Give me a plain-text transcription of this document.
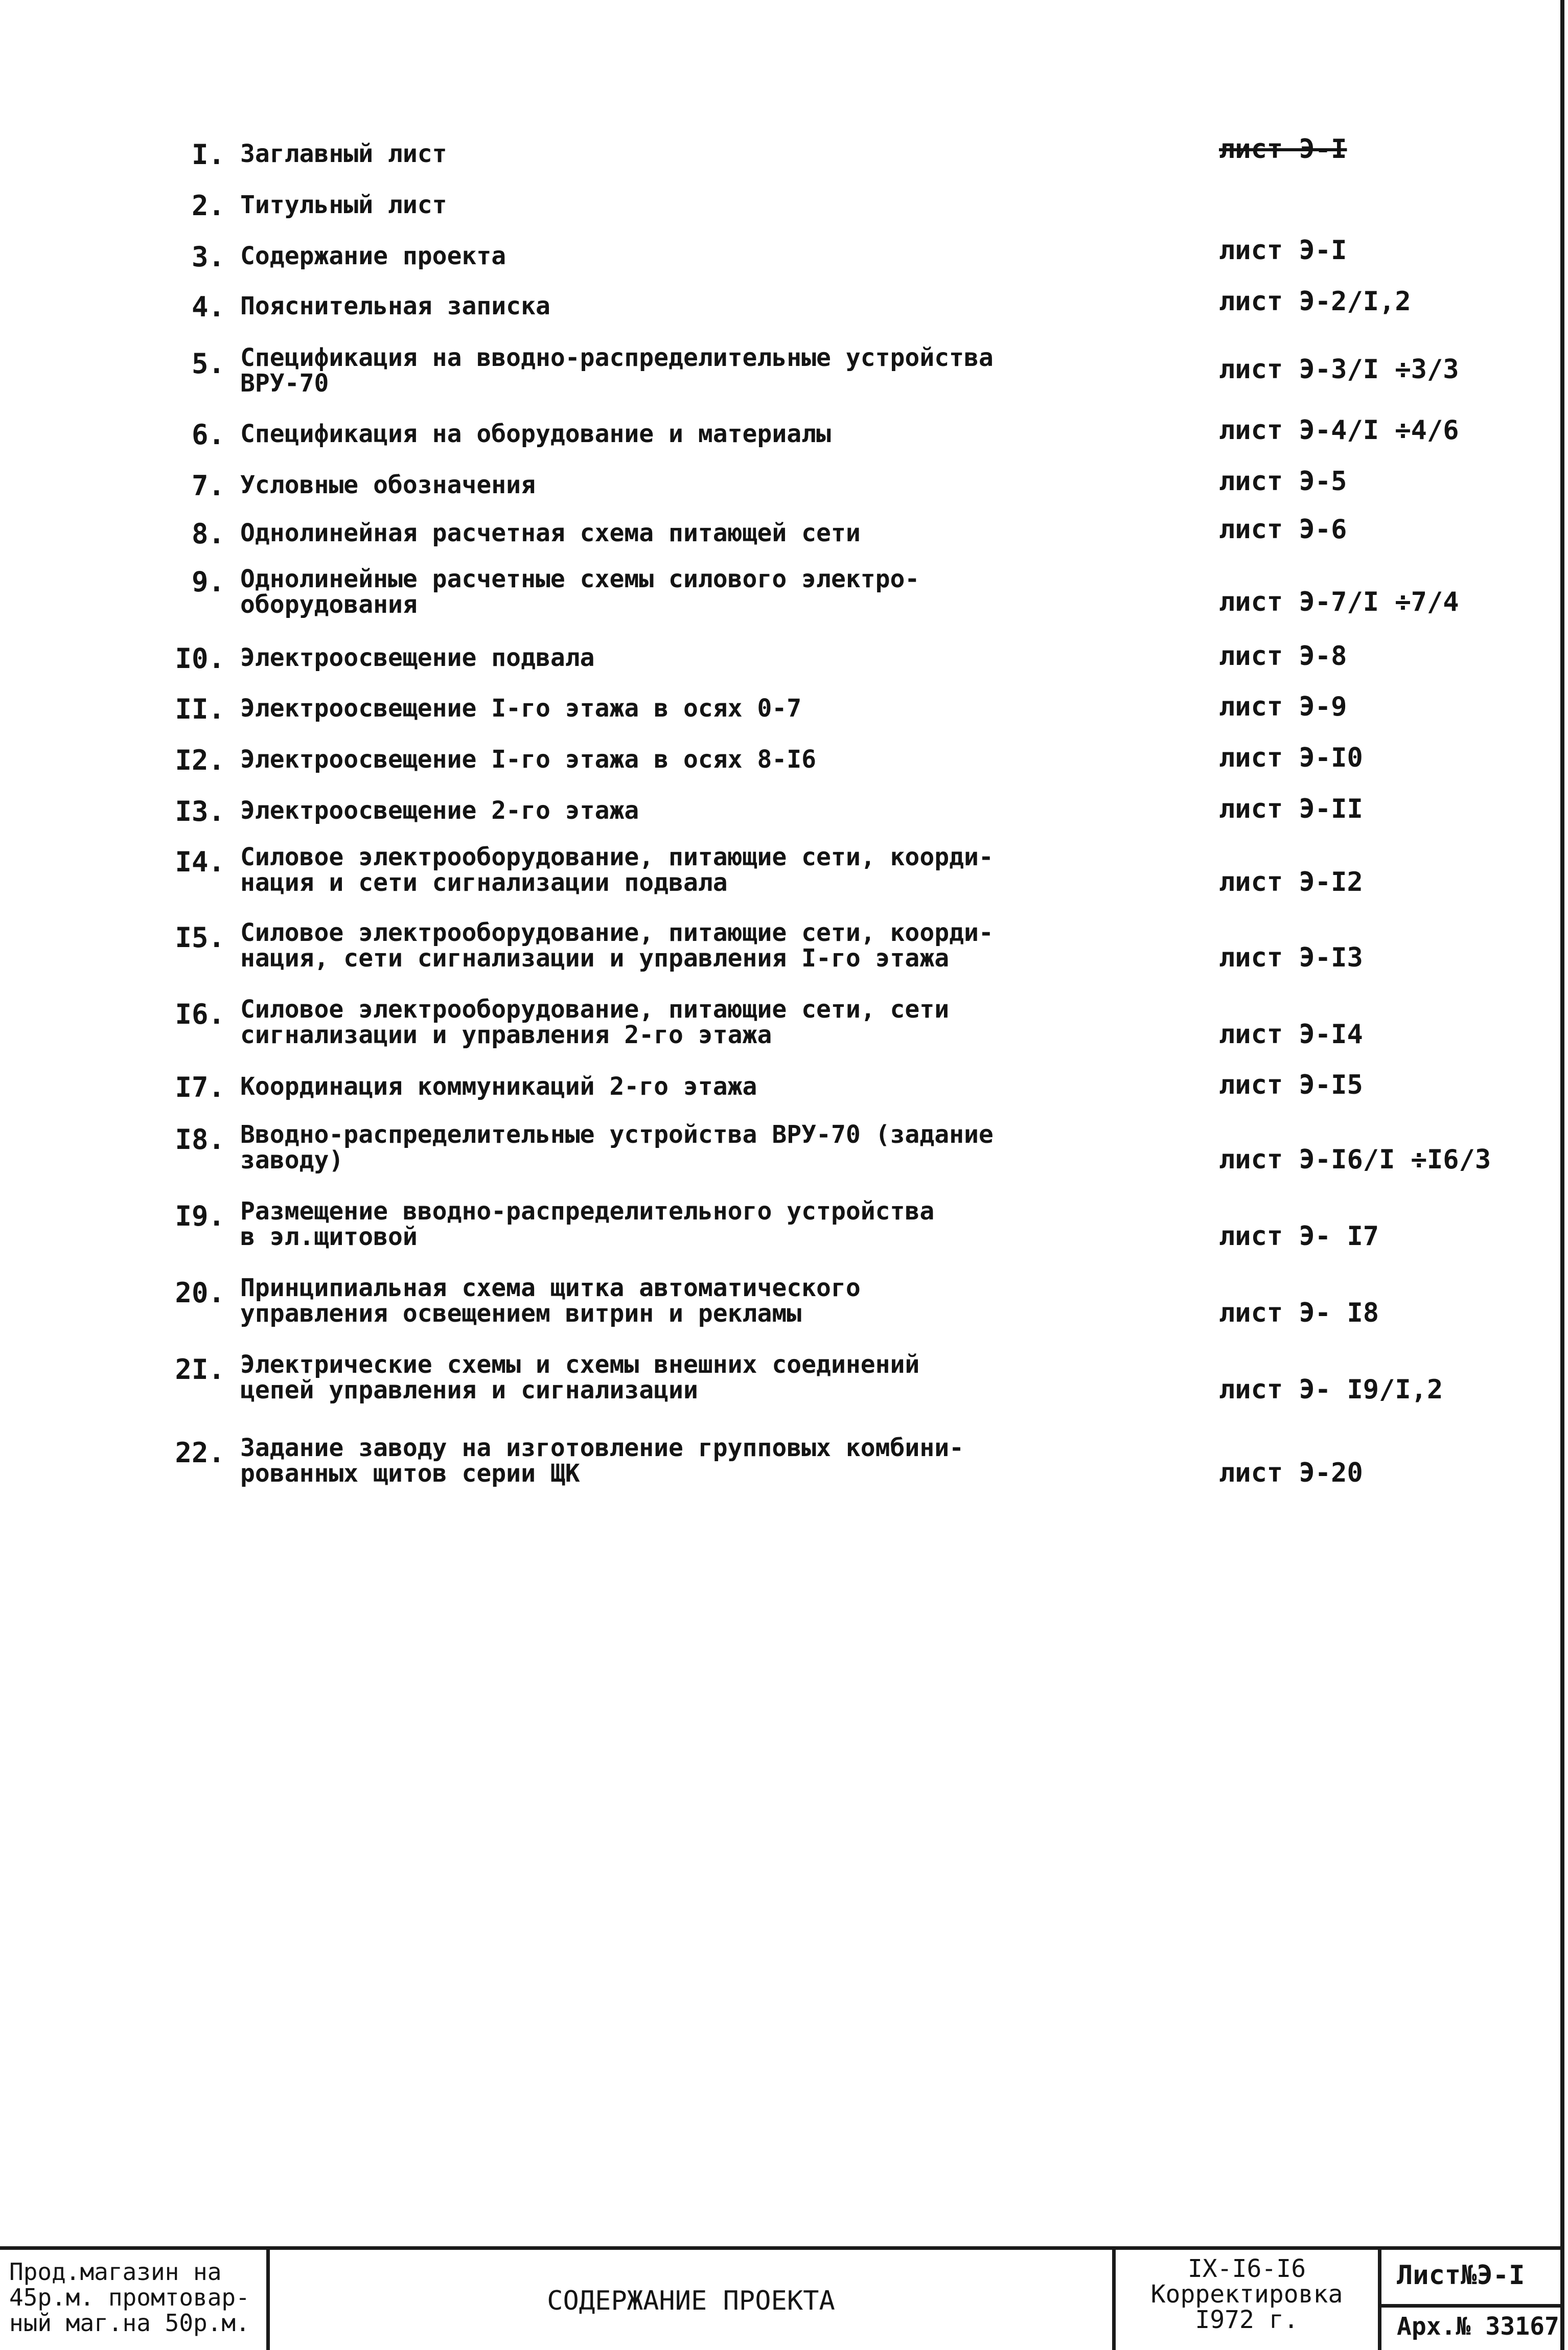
I. Заглавный лист	лист Э-I
2. Титульный лист
3. Содержание проекта	лист Э-I
4. Пояснительная записка	лист Э-2/I,2
5. Спецификация на вводно-распределительные устройства
ВРУ-70	лист Э-3/I ÷3/3
6. Спецификация на оборудование и материалы	лист Э-4/I ÷4/6
7. Условные обозначения	лист Э-5
8. Однолинейная расчетная схема питающей сети	лист Э-6
9. Однолинейные расчетные схемы силового электро-
оборудования	лист Э-7/I ÷7/4
I0. Электроосвещение подвала	лист Э-8
II. Электроосвещение I-го этажа в осях 0-7	лист Э-9
I2. Электроосвещение I-го этажа в осях 8-I6	лист Э-I0
I3. Электроосвещение 2-го этажа	лист Э-II
I4. Силовое электрооборудование, питающие сети, коорди-
нация и сети сигнализации подвала	лист Э-I2
I5. Силовое электрооборудование, питающие сети, коорди-
нация, сети сигнализации и управления I-го этажа	лист Э-I3
I6. Силовое электрооборудование, питающие сети, сети
сигнализации и управления 2-го этажа	лист Э-I4
I7. Координация коммуникаций 2-го этажа	лист Э-I5
I8. Вводно-распределительные устройства ВРУ-70 (задание
заводу)	лист Э-I6/I ÷I6/3
I9. Размещение вводно-распределительного устройства
в эл.щитовой	лист Э- I7
20. Принципиальная схема щитка автоматического
управления освещением витрин и рекламы	лист Э- I8
2I. Электрические схемы и схемы внешних соединений
цепей управления и сигнализации	лист Э- I9/I,2
22. Задание заводу на изготовление групповых комбини-
рованных щитов серии ЩК	лист Э-20
Прод.магазин на
45р.м. промтовар-
ный маг.на 50р.м.
СОДЕРЖАНИЕ ПРОЕКТА
IX-I6-I6
Корректировка
I972 г.
Лист№Э-I
Арх.№ 33167
